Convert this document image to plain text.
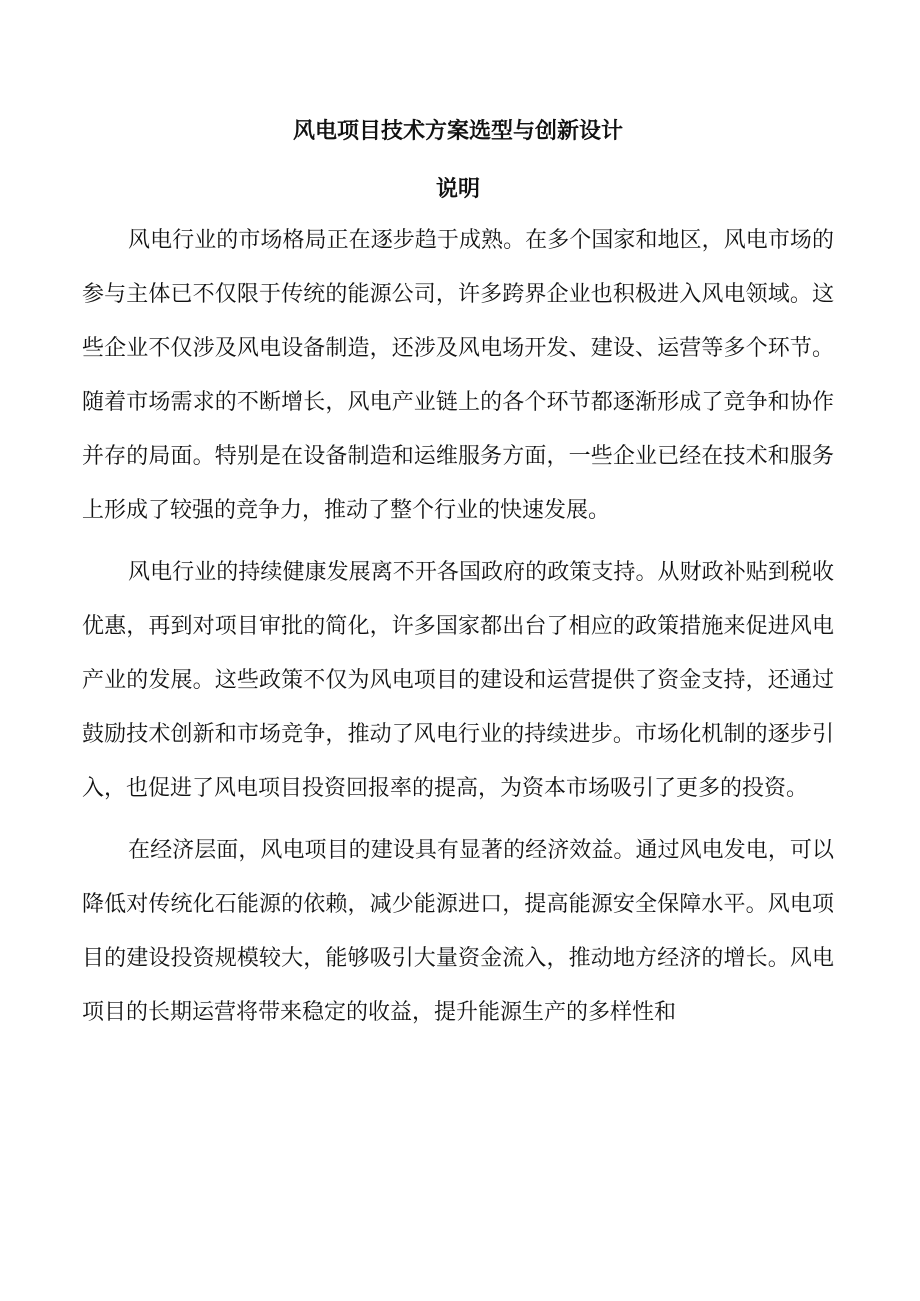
风电项目技术方案选型与创新设计
说明

风电行业的市场格局正在逐步趋于成熟。在多个国家和地区，风电市场的参与主体已不仅限于传统的能源公司，许多跨界企业也积极进入风电领域。这些企业不仅涉及风电设备制造，还涉及风电场开发、建设、运营等多个环节。随着市场需求的不断增长，风电产业链上的各个环节都逐渐形成了竞争和协作并存的局面。特别是在设备制造和运维服务方面，一些企业已经在技术和服务上形成了较强的竞争力，推动了整个行业的快速发展。

风电行业的持续健康发展离不开各国政府的政策支持。从财政补贴到税收优惠，再到对项目审批的简化，许多国家都出台了相应的政策措施来促进风电产业的发展。这些政策不仅为风电项目的建设和运营提供了资金支持，还通过鼓励技术创新和市场竞争，推动了风电行业的持续进步。市场化机制的逐步引入，也促进了风电项目投资回报率的提高，为资本市场吸引了更多的投资。

在经济层面，风电项目的建设具有显著的经济效益。通过风电发电，可以降低对传统化石能源的依赖，减少能源进口，提高能源安全保障水平。风电项目的建设投资规模较大，能够吸引大量资金流入，推动地方经济的增长。风电项目的长期运营将带来稳定的收益，提升能源生产的多样性和
